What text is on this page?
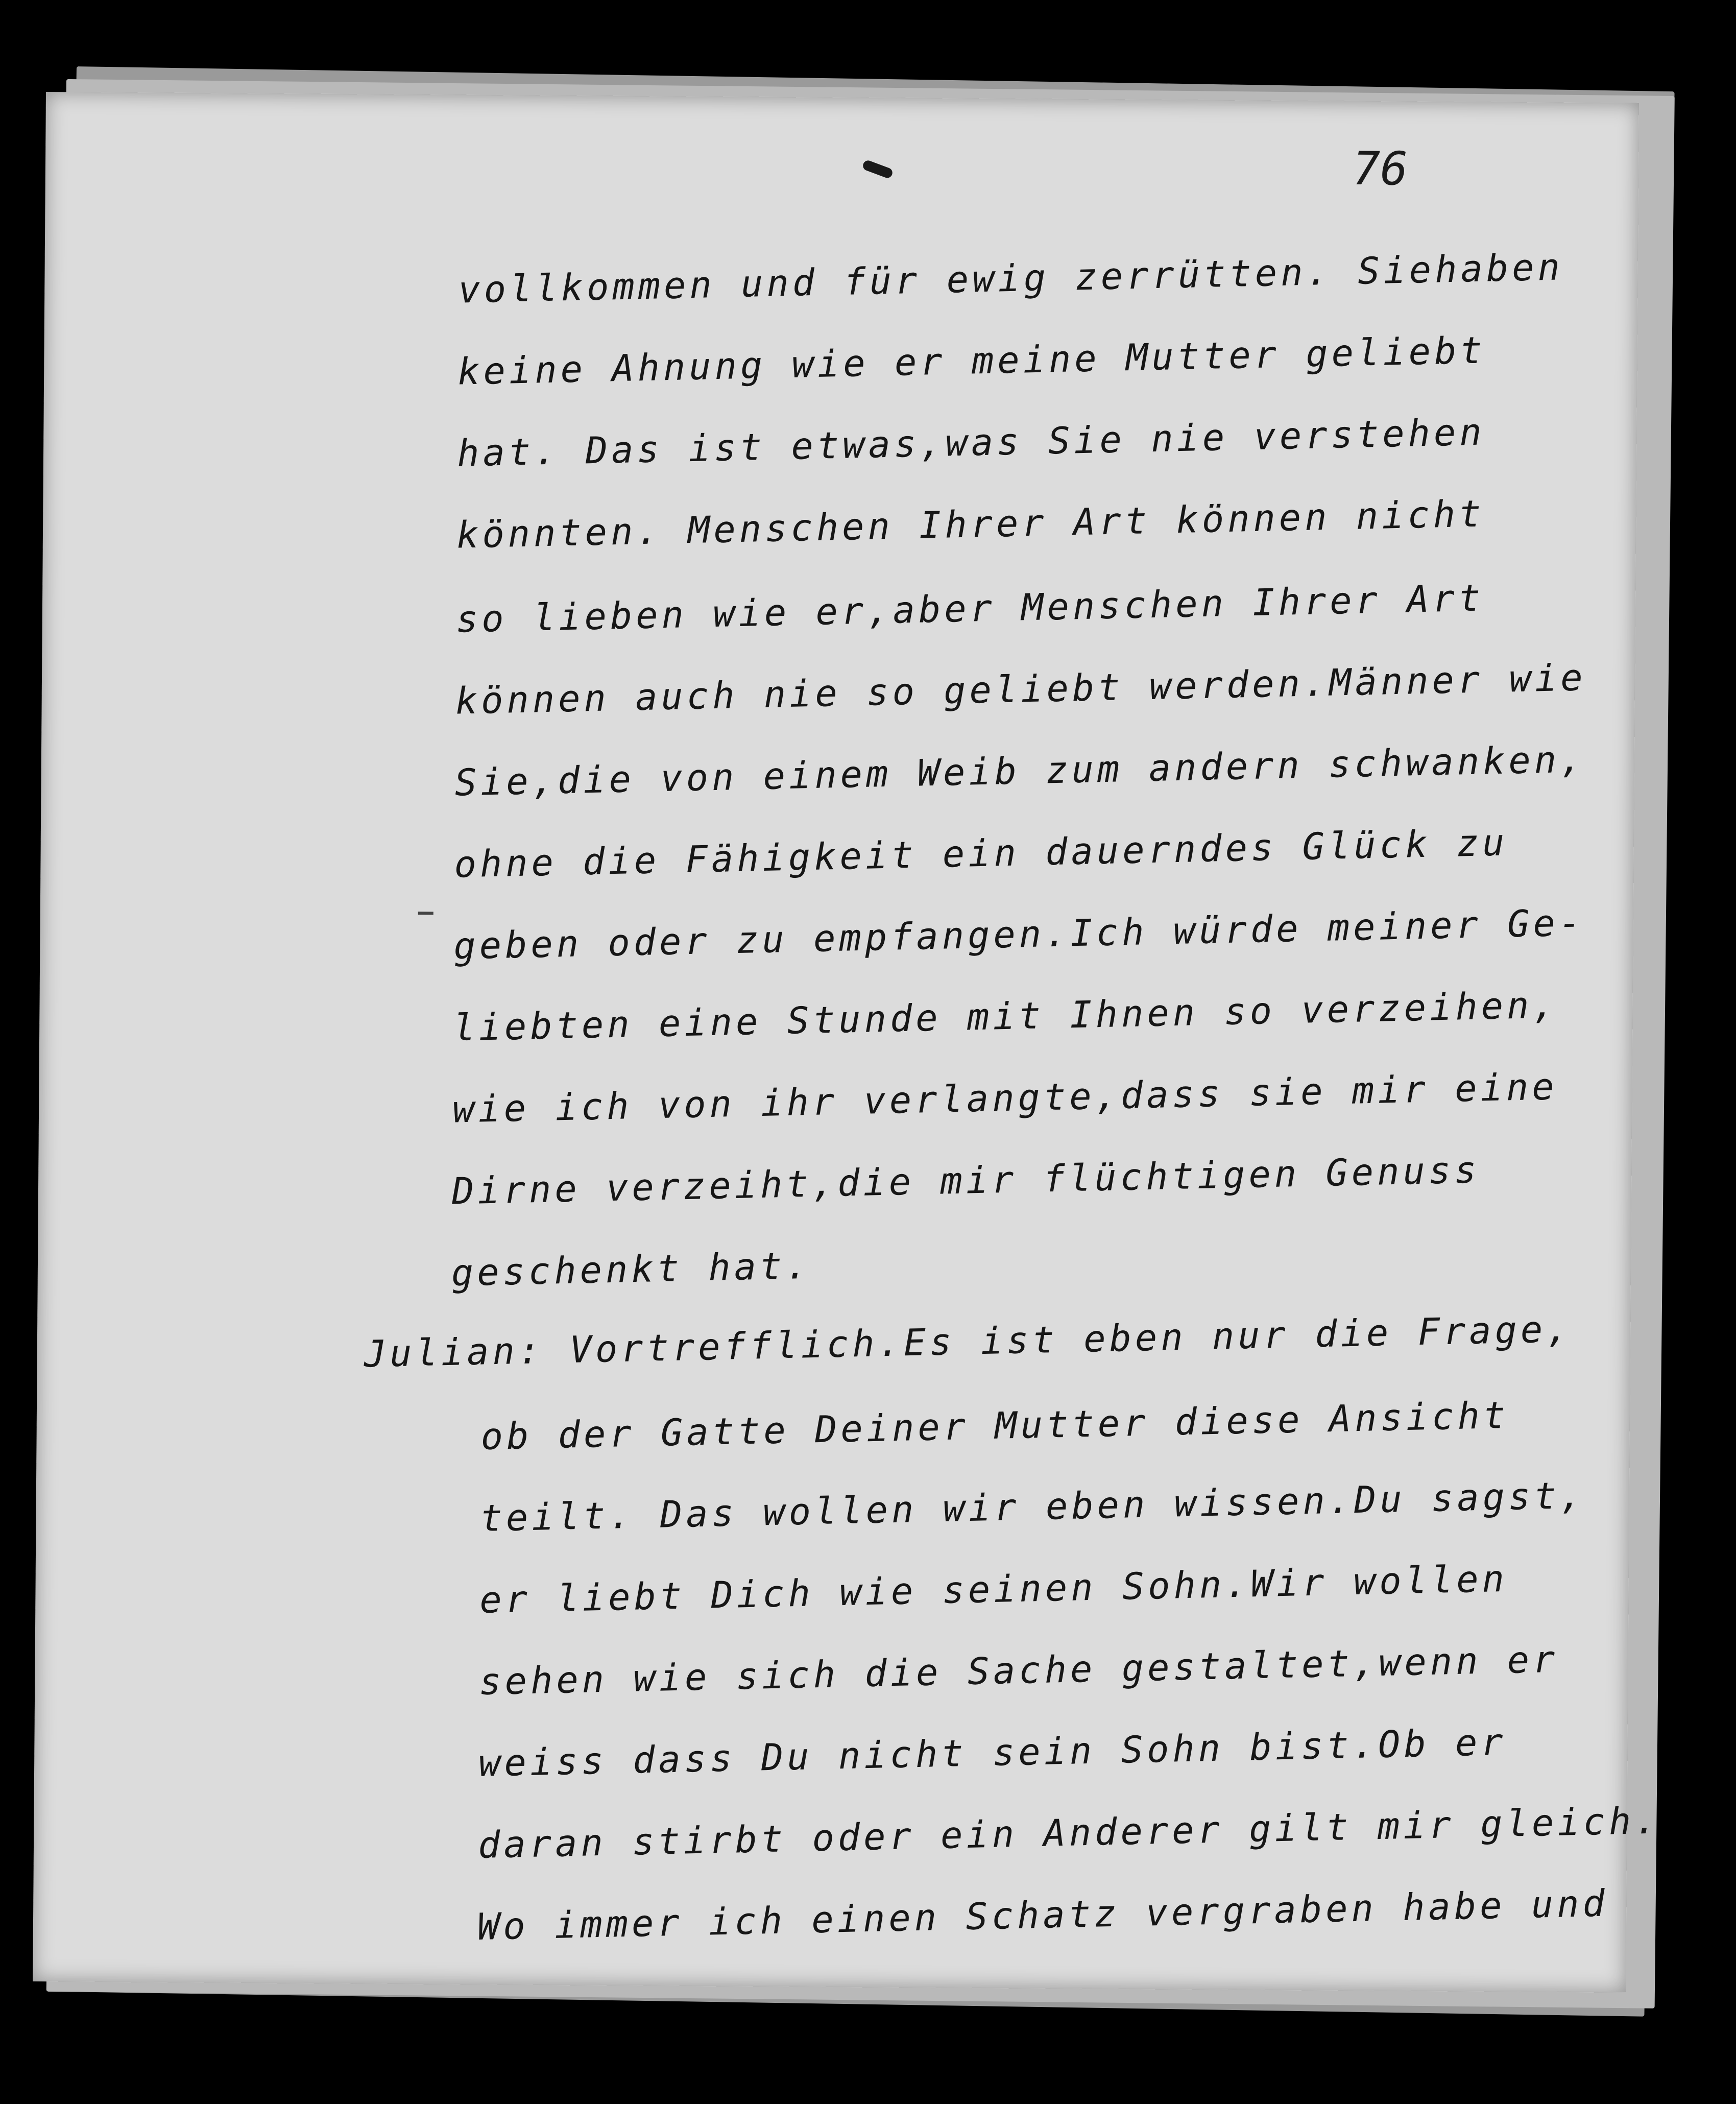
76
vollkommen und für ewig zerrütten. Siehaben
keine Ahnung wie er meine Mutter geliebt
hat. Das ist etwas,was Sie nie verstehen
könnten. Menschen Ihrer Art können nicht
so lieben wie er,aber Menschen Ihrer Art
können auch nie so geliebt werden.Männer wie
Sie,die von einem Weib zum andern schwanken,
ohne die Fähigkeit ein dauerndes Glück zu
geben oder zu empfangen.Ich würde meiner Ge-
liebten eine Stunde mit Ihnen so verzeihen,
wie ich von ihr verlangte,dass sie mir eine
Dirne verzeiht,die mir flüchtigen Genuss
geschenkt hat.
Julian: Vortrefflich.Es ist eben nur die Frage,
ob der Gatte Deiner Mutter diese Ansicht
teilt. Das wollen wir eben wissen.Du sagst,
er liebt Dich wie seinen Sohn.Wir wollen
sehen wie sich die Sache gestaltet,wenn er
weiss dass Du nicht sein Sohn bist.Ob er
daran stirbt oder ein Anderer gilt mir gleich.
Wo immer ich einen Schatz vergraben habe und
